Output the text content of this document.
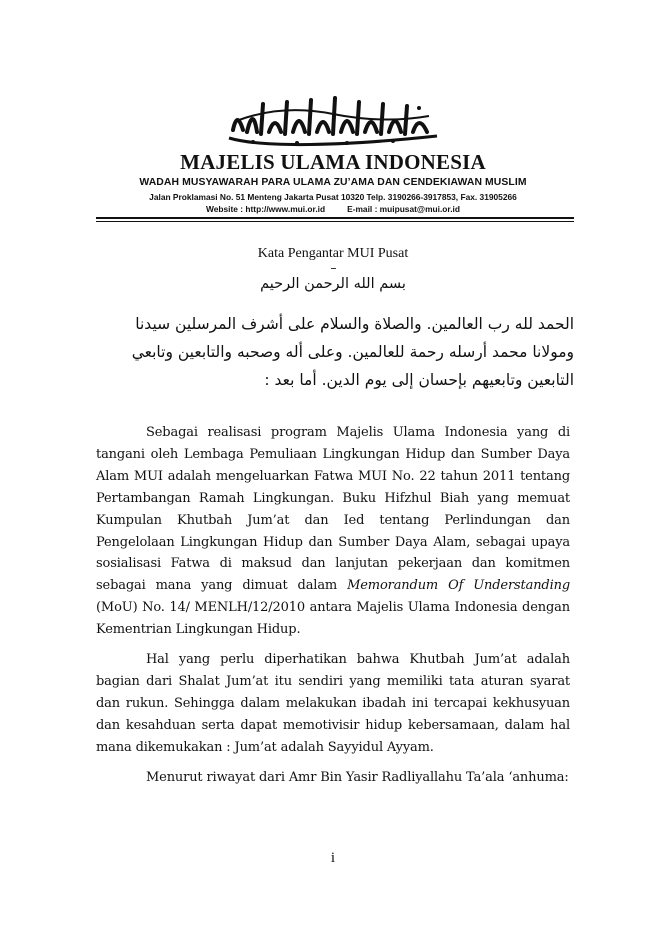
MAJELIS ULAMA INDONESIA
WADAH MUSYAWARAH PARA ULAMA ZU’AMA DAN CENDEKIAWAN MUSLIM
Jalan Proklamasi No. 51 Menteng Jakarta Pusat 10320 Telp. 3190266-3917853, Fax. 31905266
Website : http://www.mui.or.id	E-mail : muipusat@mui.or.id
Kata Pengantar MUI Pusat
بسم الله الرحمن الرحيم
الحمد لله رب العالمين. والصلاة والسلام على أشرف المرسلين سيدنا ومولانا محمد أرسله رحمة للعالمين. وعلى أله وصحبه والتابعين وتابعي التابعين وتابعيهم بإحسان إلى يوم الدين. أما بعد :

Sebagai realisasi program Majelis Ulama Indonesia yang di tangani oleh Lembaga Pemuliaan Lingkungan Hidup dan Sumber Daya Alam MUI adalah mengeluarkan Fatwa MUI No. 22 tahun 2011 tentang Pertambangan Ramah Lingkungan. Buku Hifzhul Biah yang memuat Kumpulan Khutbah Jum’at dan Ied tentang Perlindungan dan Pengelolaan Lingkungan Hidup dan Sumber Daya Alam, sebagai upaya sosialisasi Fatwa di maksud dan lanjutan pekerjaan dan komitmen sebagai mana yang dimuat dalam Memorandum Of Understanding (MoU) No. 14/ MENLH/12/2010 antara Majelis Ulama Indonesia dengan Kementrian Lingkungan Hidup.

Hal yang perlu diperhatikan bahwa Khutbah Jum’at adalah bagian dari Shalat Jum’at itu sendiri yang memiliki tata aturan syarat dan rukun. Sehingga dalam melakukan ibadah ini tercapai kekhusyuan dan kesahduan serta dapat memotivisir hidup kebersamaan, dalam hal mana dikemukakan : Jum’at adalah Sayyidul Ayyam.

Menurut riwayat dari Amr Bin Yasir Radliyallahu Ta’ala ‘anhuma:

i
